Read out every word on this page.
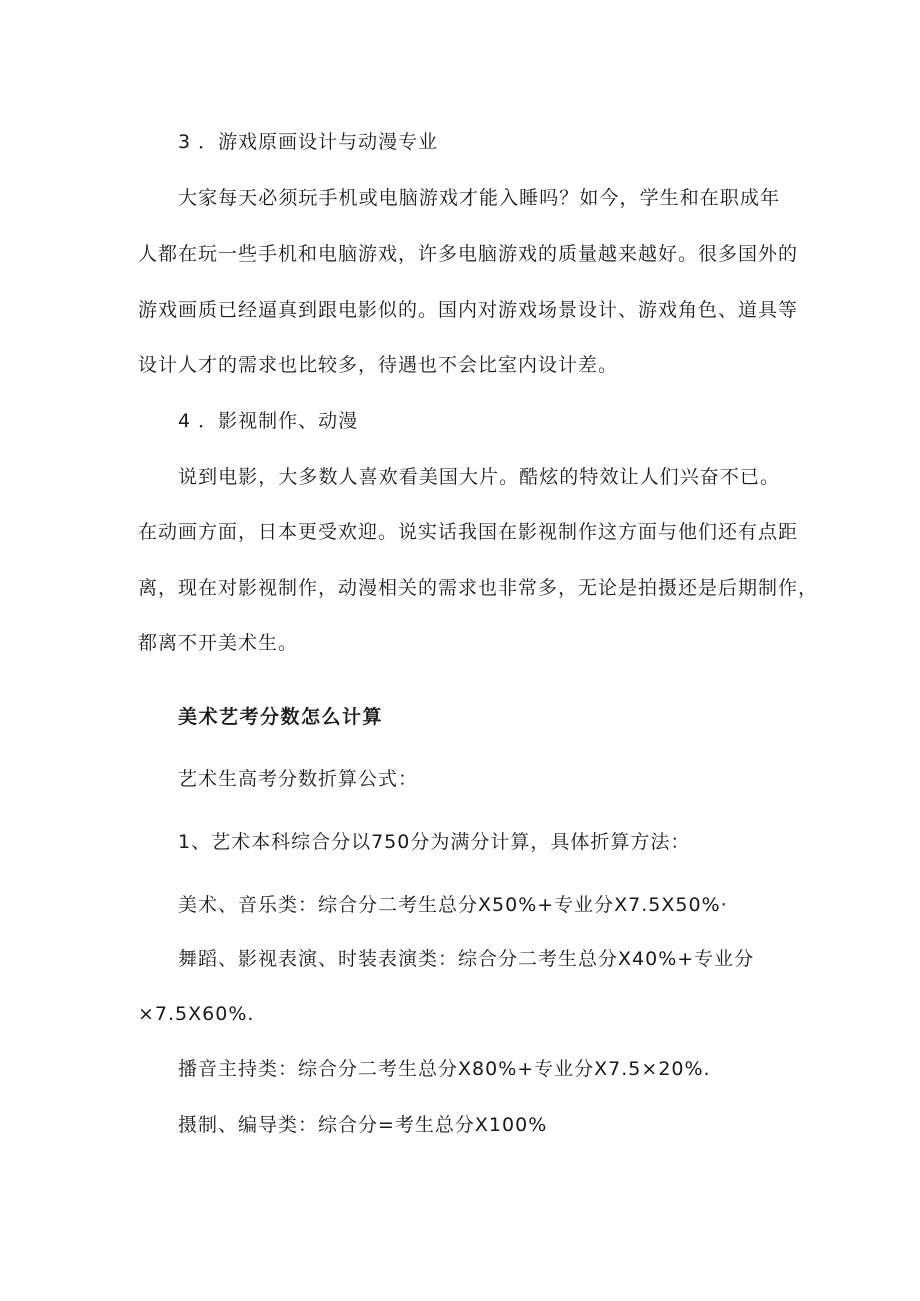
3 ．游戏原画设计与动漫专业
大家每天必须玩手机或电脑游戏才能入睡吗？如今，学生和在职成年
人都在玩一些手机和电脑游戏，许多电脑游戏的质量越来越好。很多国外的
游戏画质已经逼真到跟电影似的。国内对游戏场景设计、游戏角色、道具等
设计人才的需求也比较多，待遇也不会比室内设计差。
4 ．影视制作、动漫
说到电影，大多数人喜欢看美国大片。酷炫的特效让人们兴奋不已。
在动画方面，日本更受欢迎。说实话我国在影视制作这方面与他们还有点距
离，现在对影视制作，动漫相关的需求也非常多，无论是拍摄还是后期制作，
都离不开美术生。
美术艺考分数怎么计算
艺术生高考分数折算公式：
1、艺术本科综合分以750分为满分计算，具体折算方法：
美术、音乐类：综合分二考生总分X50%+专业分X7.5X50%·
舞蹈、影视表演、时装表演类：综合分二考生总分X40%+专业分
×7.5X60%.
播音主持类：综合分二考生总分X80%+专业分X7.5×20%.
摄制、编导类：综合分=考生总分X100%
